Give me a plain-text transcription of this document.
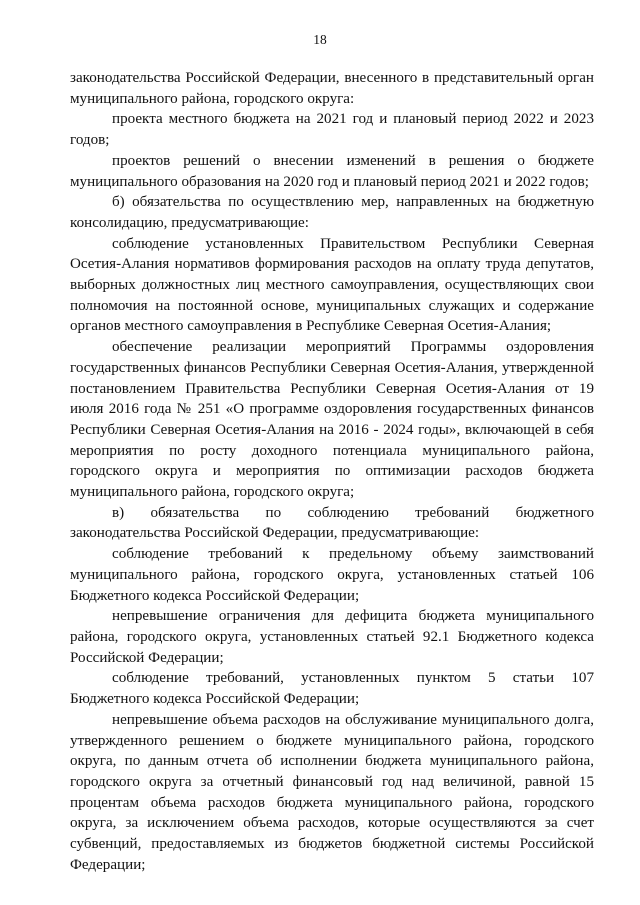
18

законодательства Российской Федерации, внесенного в представительный орган муниципального района, городского округа:

проекта местного бюджета на 2021 год и плановый период 2022 и 2023 годов;

проектов решений о внесении изменений в решения о бюджете муниципального образования на 2020 год и плановый период 2021 и 2022 годов;

б) обязательства по осуществлению мер, направленных на бюджетную консолидацию, предусматривающие:

соблюдение установленных Правительством Республики Северная Осетия-Алания нормативов формирования расходов на оплату труда депутатов, выборных должностных лиц местного самоуправления, осуществляющих свои полномочия на постоянной основе, муниципальных служащих и содержание органов местного самоуправления в Республике Северная Осетия-Алания;

обеспечение реализации мероприятий Программы оздоровления государственных финансов Республики Северная Осетия-Алания, утвержденной постановлением Правительства Республики Северная Осетия-Алания от 19 июля 2016 года № 251 «О программе оздоровления государственных финансов Республики Северная Осетия-Алания на 2016 - 2024 годы», включающей в себя мероприятия по росту доходного потенциала муниципального района, городского округа и мероприятия по оптимизации расходов бюджета муниципального района, городского округа;

в) обязательства по соблюдению требований бюджетного законодательства Российской Федерации, предусматривающие:

соблюдение требований к предельному объему заимствований муниципального района, городского округа, установленных статьей 106 Бюджетного кодекса Российской Федерации;

непревышение ограничения для дефицита бюджета муниципального района, городского округа, установленных статьей 92.1 Бюджетного кодекса Российской Федерации;

соблюдение требований, установленных пунктом 5 статьи 107 Бюджетного кодекса Российской Федерации;

непревышение объема расходов на обслуживание муниципального долга, утвержденного решением о бюджете муниципального района, городского округа, по данным отчета об исполнении бюджета муниципального района, городского округа за отчетный финансовый год над величиной, равной 15 процентам объема расходов бюджета муниципального района, городского округа, за исключением объема расходов, которые осуществляются за счет субвенций, предоставляемых из бюджетов бюджетной системы Российской Федерации;
